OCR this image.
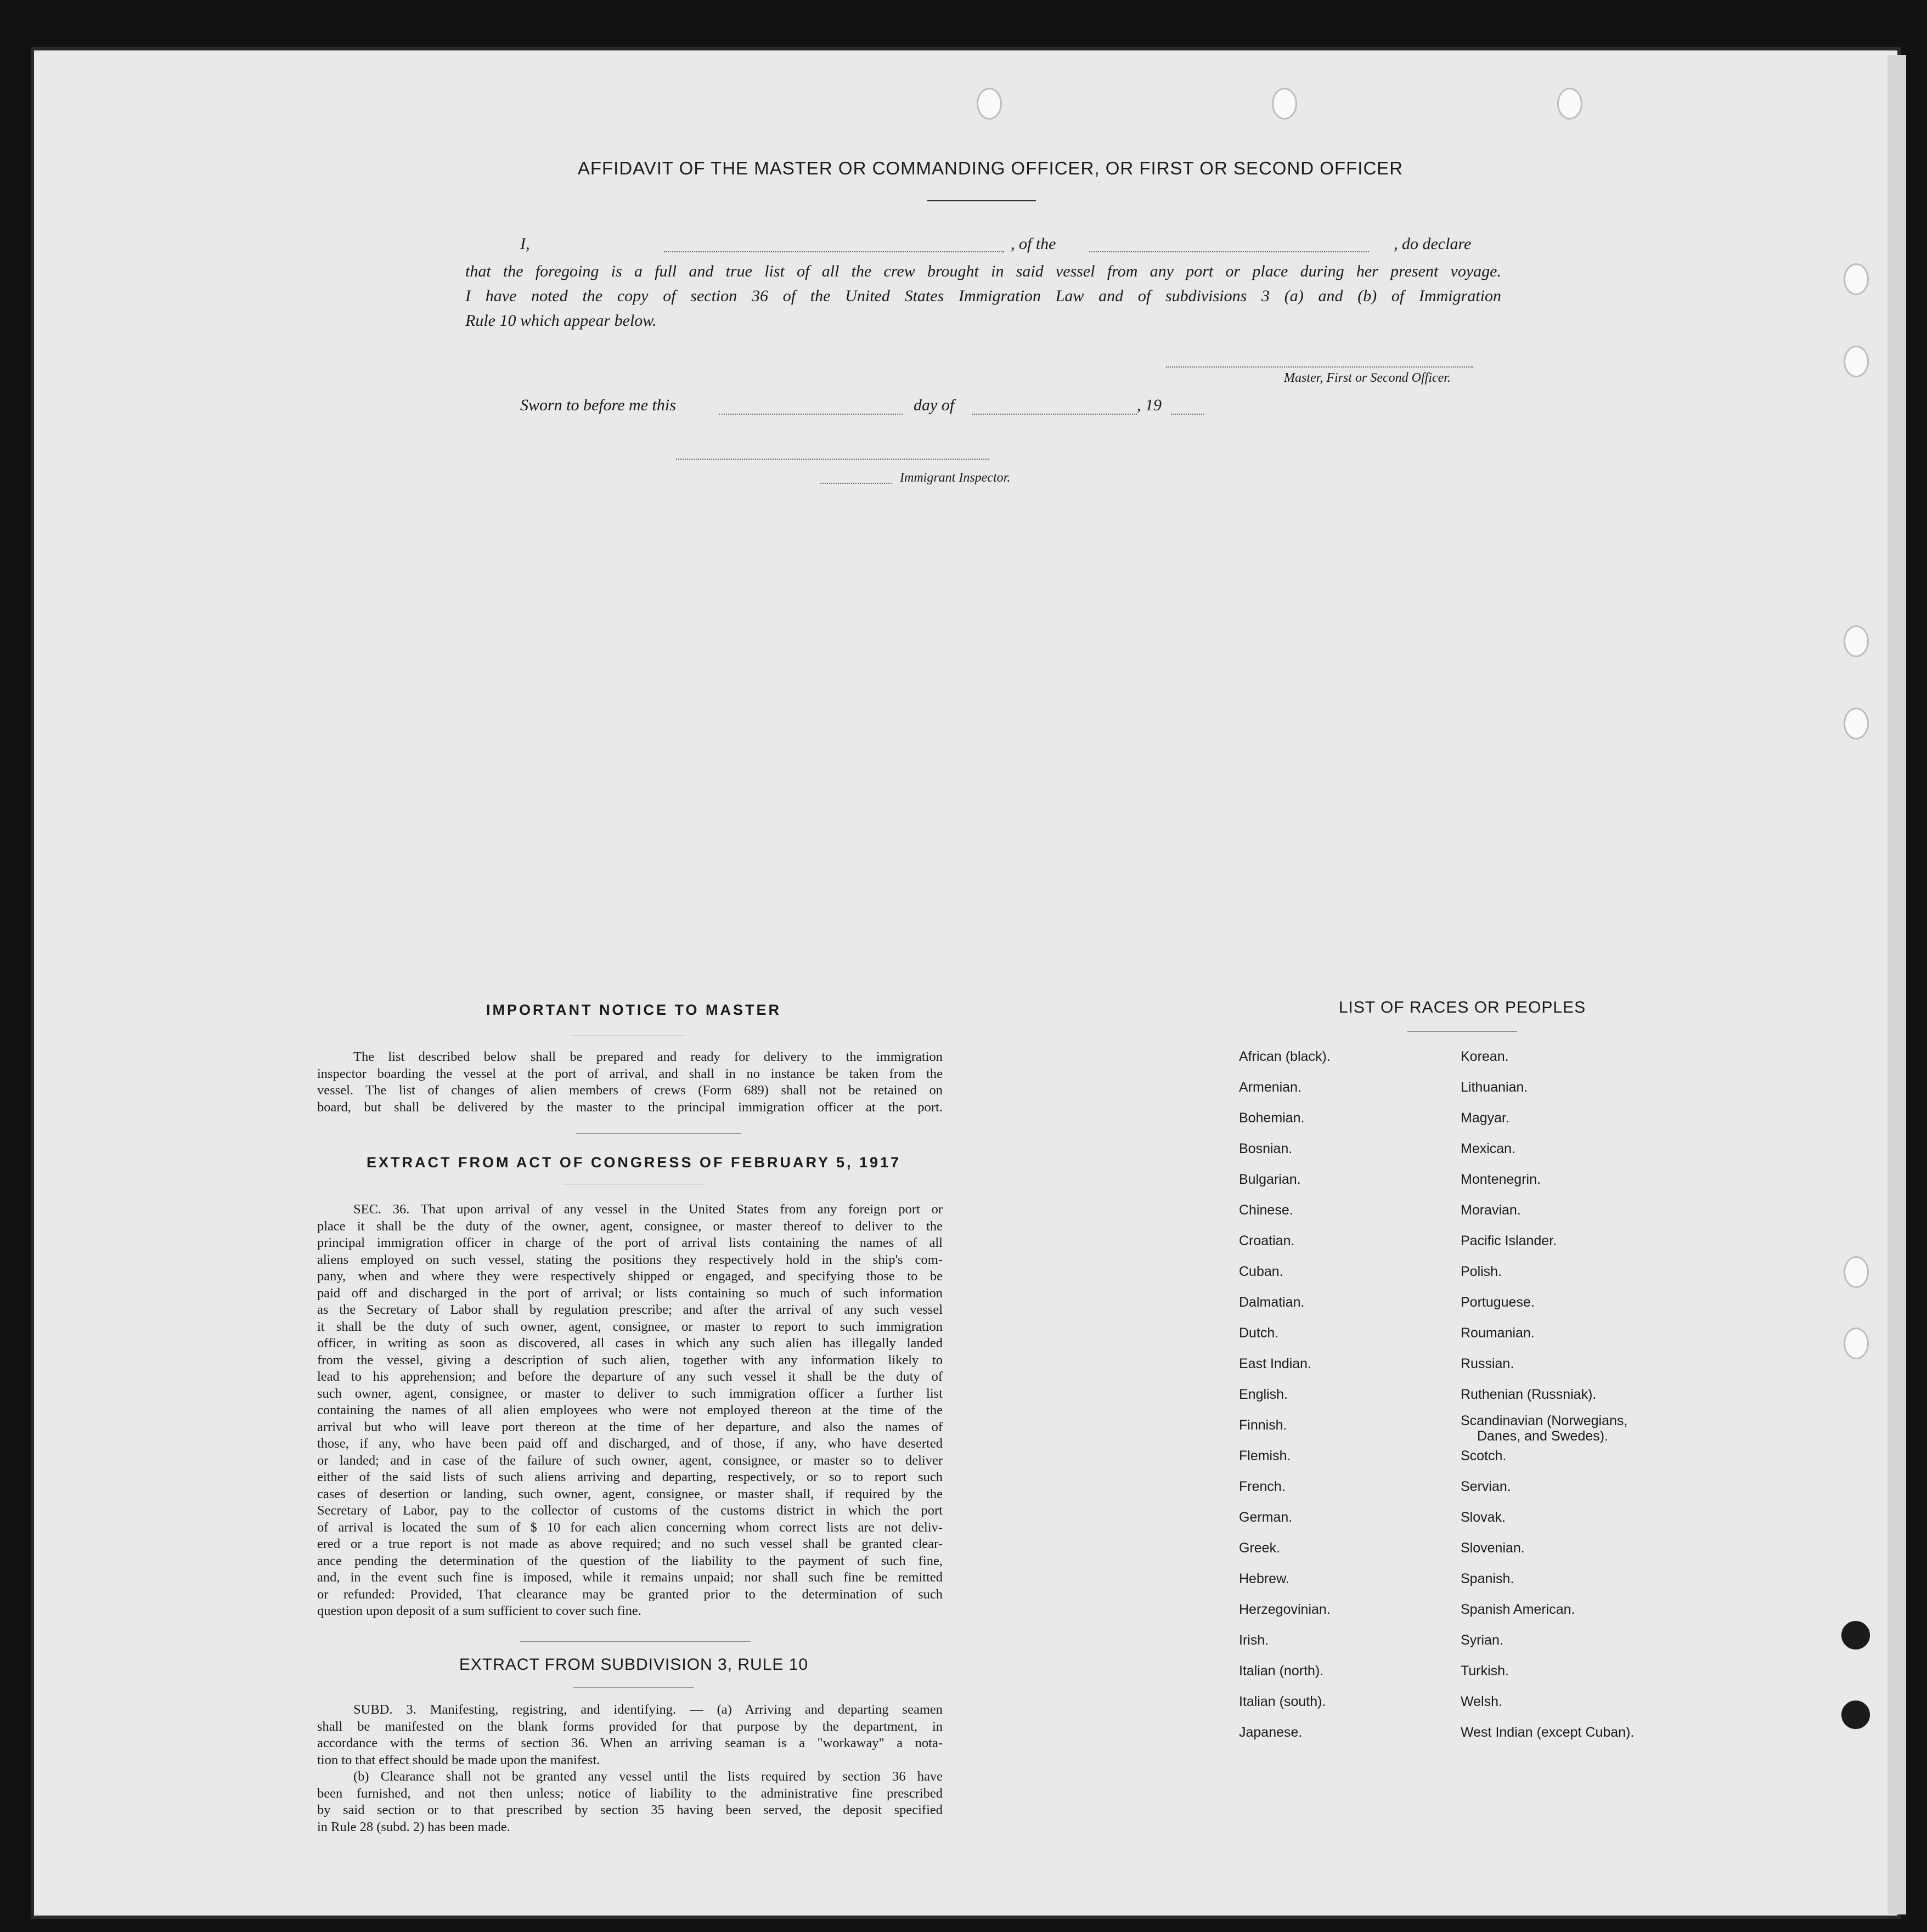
AFFIDAVIT OF THE MASTER OR COMMANDING OFFICER, OR FIRST OR SECOND OFFICER
I,	, of the	, do declare
that the foregoing is a full and true list of all the crew brought in said vessel from any port or place during her present voyage.
I have noted the copy of section 36 of the United States Immigration Law and of subdivisions 3 (a) and (b) of Immigration
Rule 10 which appear below.
Master, First or Second Officer.
Sworn to before me this	day of	, 19
Immigrant Inspector.
IMPORTANT NOTICE TO MASTER

The list described below shall be prepared and ready for delivery to the immigration

inspector boarding the vessel at the port of arrival, and shall in no instance be taken from the

vessel. The list of changes of alien members of crews (Form 689) shall not be retained on

board, but shall be delivered by the master to the principal immigration officer at the port.

EXTRACT FROM ACT OF CONGRESS OF FEBRUARY 5, 1917

SEC. 36. That upon arrival of any vessel in the United States from any foreign port or

place it shall be the duty of the owner, agent, consignee, or master thereof to deliver to the

principal immigration officer in charge of the port of arrival lists containing the names of all

aliens employed on such vessel, stating the positions they respectively hold in the ship's com-

pany, when and where they were respectively shipped or engaged, and specifying those to be

paid off and discharged in the port of arrival; or lists containing so much of such information

as the Secretary of Labor shall by regulation prescribe; and after the arrival of any such vessel

it shall be the duty of such owner, agent, consignee, or master to report to such immigration

officer, in writing as soon as discovered, all cases in which any such alien has illegally landed

from the vessel, giving a description of such alien, together with any information likely to

lead to his apprehension; and before the departure of any such vessel it shall be the duty of

such owner, agent, consignee, or master to deliver to such immigration officer a further list

containing the names of all alien employees who were not employed thereon at the time of the

arrival but who will leave port thereon at the time of her departure, and also the names of

those, if any, who have been paid off and discharged, and of those, if any, who have deserted

or landed; and in case of the failure of such owner, agent, consignee, or master so to deliver

either of the said lists of such aliens arriving and departing, respectively, or so to report such

cases of desertion or landing, such owner, agent, consignee, or master shall, if required by the

Secretary of Labor, pay to the collector of customs of the customs district in which the port

of arrival is located the sum of $ 10 for each alien concerning whom correct lists are not deliv-

ered or a true report is not made as above required; and no such vessel shall be granted clear-

ance pending the determination of the question of the liability to the payment of such fine,

and, in the event such fine is imposed, while it remains unpaid; nor shall such fine be remitted

or refunded: Provided, That clearance may be granted prior to the determination of such

question upon deposit of a sum sufficient to cover such fine.

EXTRACT FROM SUBDIVISION 3, RULE 10

SUBD. 3. Manifesting, registring, and identifying. — (a) Arriving and departing seamen

shall be manifested on the blank forms provided for that purpose by the department, in

accordance with the terms of section 36. When an arriving seaman is a "workaway" a nota-

tion to that effect should be made upon the manifest.

(b) Clearance shall not be granted any vessel until the lists required by section 36 have

been furnished, and not then unless; notice of liability to the administrative fine prescribed

by said section or to that prescribed by section 35 having been served, the deposit specified

in Rule 28 (subd. 2) has been made.

LIST OF RACES OR PEOPLES
African (black).
Armenian.
Bohemian.
Bosnian.
Bulgarian.
Chinese.
Croatian.
Cuban.
Dalmatian.
Dutch.
East Indian.
English.
Finnish.
Flemish.
French.
German.
Greek.
Hebrew.
Herzegovinian.
Irish.
Italian (north).
Italian (south).
Japanese.
Korean.
Lithuanian.
Magyar.
Mexican.
Montenegrin.
Moravian.
Pacific Islander.
Polish.
Portuguese.
Roumanian.
Russian.
Ruthenian (Russniak).
Scandinavian (Norwegians,
Danes, and Swedes).
Scotch.
Servian.
Slovak.
Slovenian.
Spanish.
Spanish American.
Syrian.
Turkish.
Welsh.
West Indian (except Cuban).
